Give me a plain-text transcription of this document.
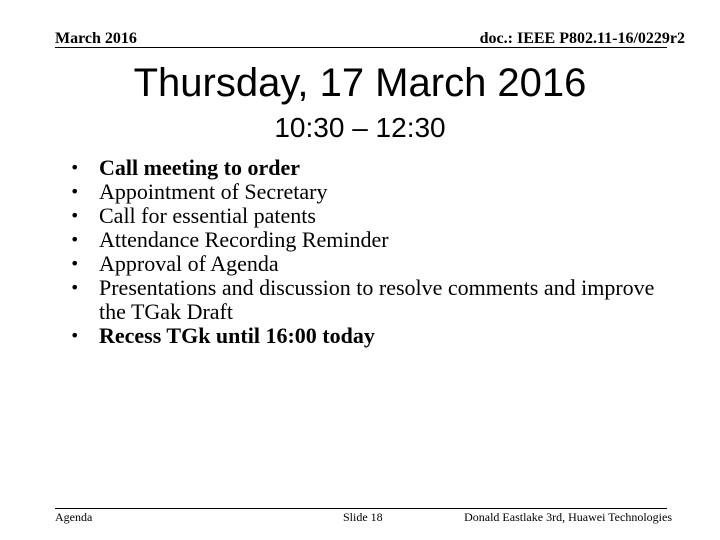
March 2016	doc.: IEEE P802.11-16/0229r2
Thursday, 17 March 2016
10:30 – 12:30
• Call meeting to order
• Appointment of Secretary
• Call for essential patents
• Attendance Recording Reminder
• Approval of Agenda
• Presentations and discussion to resolve comments and improve the TGak Draft
• Recess TGk until 16:00 today
Agenda	Slide 18	Donald Eastlake 3rd, Huawei Technologies
